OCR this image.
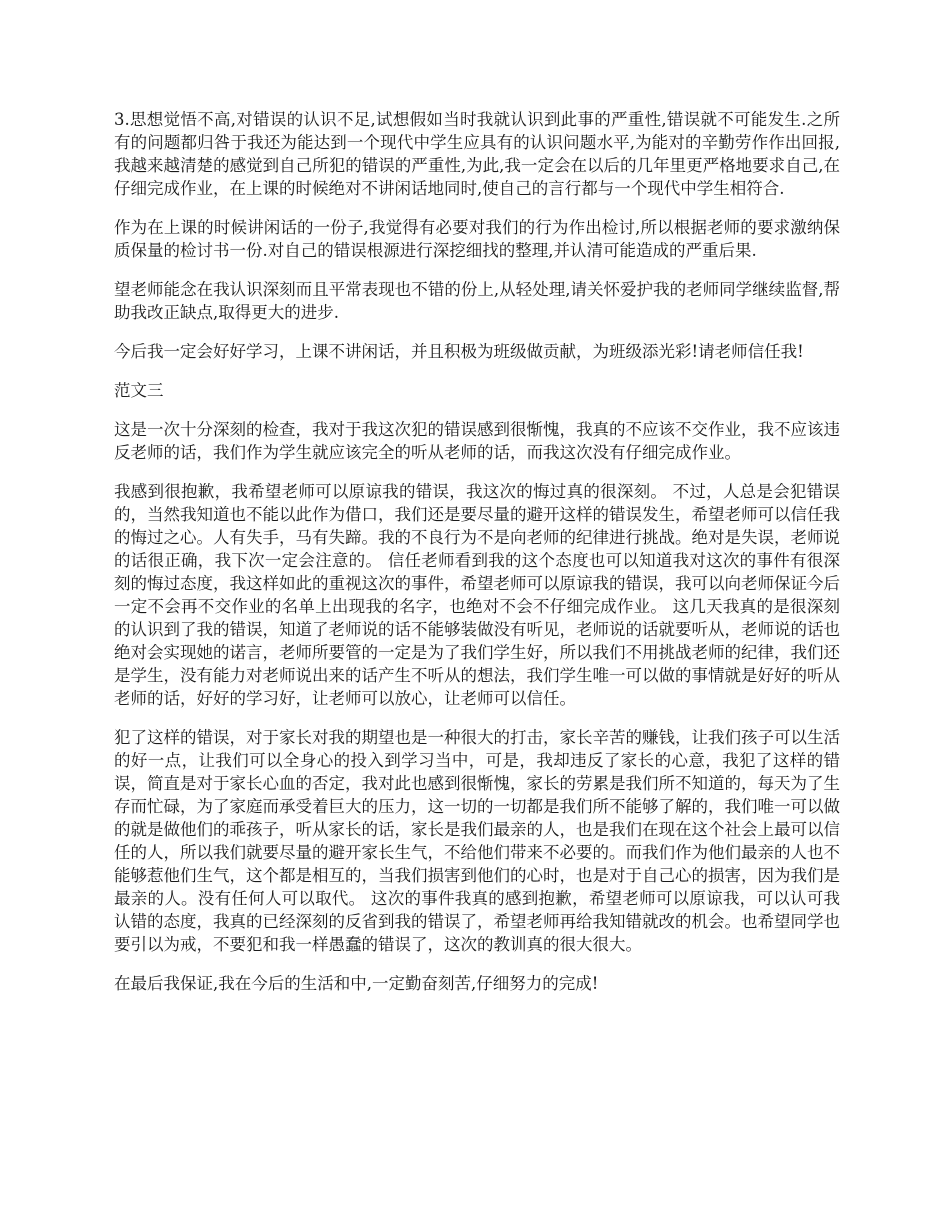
3.思想觉悟不高,对错误的认识不足,试想假如当时我就认识到此事的严重性,错误就不可能发生.之所有的问题都归咎于我还为能达到一个现代中学生应具有的认识问题水平,为能对的辛勤劳作作出回报,我越来越清楚的感觉到自己所犯的错误的严重性,为此,我一定会在以后的几年里更严格地要求自己,在仔细完成作业，在上课的时候绝对不讲闲话地同时,使自己的言行都与一个现代中学生相符合.

作为在上课的时候讲闲话的一份子,我觉得有必要对我们的行为作出检讨,所以根据老师的要求激纳保质保量的检讨书一份.对自己的错误根源进行深挖细找的整理,并认清可能造成的严重后果.

望老师能念在我认识深刻而且平常表现也不错的份上,从轻处理,请关怀爱护我的老师同学继续监督,帮助我改正缺点,取得更大的进步.

今后我一定会好好学习，上课不讲闲话，并且积极为班级做贡献，为班级添光彩!请老师信任我!

范文三

这是一次十分深刻的检查，我对于我这次犯的错误感到很惭愧，我真的不应该不交作业，我不应该违反老师的话，我们作为学生就应该完全的听从老师的话，而我这次没有仔细完成作业。

我感到很抱歉，我希望老师可以原谅我的错误，我这次的悔过真的很深刻。 不过，人总是会犯错误的，当然我知道也不能以此作为借口，我们还是要尽量的避开这样的错误发生，希望老师可以信任我的悔过之心。人有失手，马有失蹄。我的不良行为不是向老师的纪律进行挑战。绝对是失误，老师说的话很正确，我下次一定会注意的。 信任老师看到我的这个态度也可以知道我对这次的事件有很深刻的悔过态度，我这样如此的重视这次的事件，希望老师可以原谅我的错误，我可以向老师保证今后一定不会再不交作业的名单上出现我的名字，也绝对不会不仔细完成作业。 这几天我真的是很深刻的认识到了我的错误，知道了老师说的话不能够装做没有听见，老师说的话就要听从，老师说的话也绝对会实现她的诺言，老师所要管的一定是为了我们学生好，所以我们不用挑战老师的纪律，我们还是学生，没有能力对老师说出来的话产生不听从的想法，我们学生唯一可以做的事情就是好好的听从老师的话，好好的学习好，让老师可以放心，让老师可以信任。

犯了这样的错误，对于家长对我的期望也是一种很大的打击，家长辛苦的赚钱，让我们孩子可以生活的好一点，让我们可以全身心的投入到学习当中，可是，我却违反了家长的心意，我犯了这样的错误，简直是对于家长心血的否定，我对此也感到很惭愧，家长的劳累是我们所不知道的，每天为了生存而忙碌，为了家庭而承受着巨大的压力，这一切的一切都是我们所不能够了解的，我们唯一可以做的就是做他们的乖孩子，听从家长的话，家长是我们最亲的人，也是我们在现在这个社会上最可以信任的人，所以我们就要尽量的避开家长生气，不给他们带来不必要的。而我们作为他们最亲的人也不能够惹他们生气，这个都是相互的，当我们损害到他们的心时，也是对于自己心的损害，因为我们是最亲的人。没有任何人可以取代。 这次的事件我真的感到抱歉，希望老师可以原谅我，可以认可我认错的态度，我真的已经深刻的反省到我的错误了，希望老师再给我知错就改的机会。也希望同学也要引以为戒，不要犯和我一样愚蠢的错误了，这次的教训真的很大很大。

在最后我保证,我在今后的生活和中,一定勤奋刻苦,仔细努力的完成!
